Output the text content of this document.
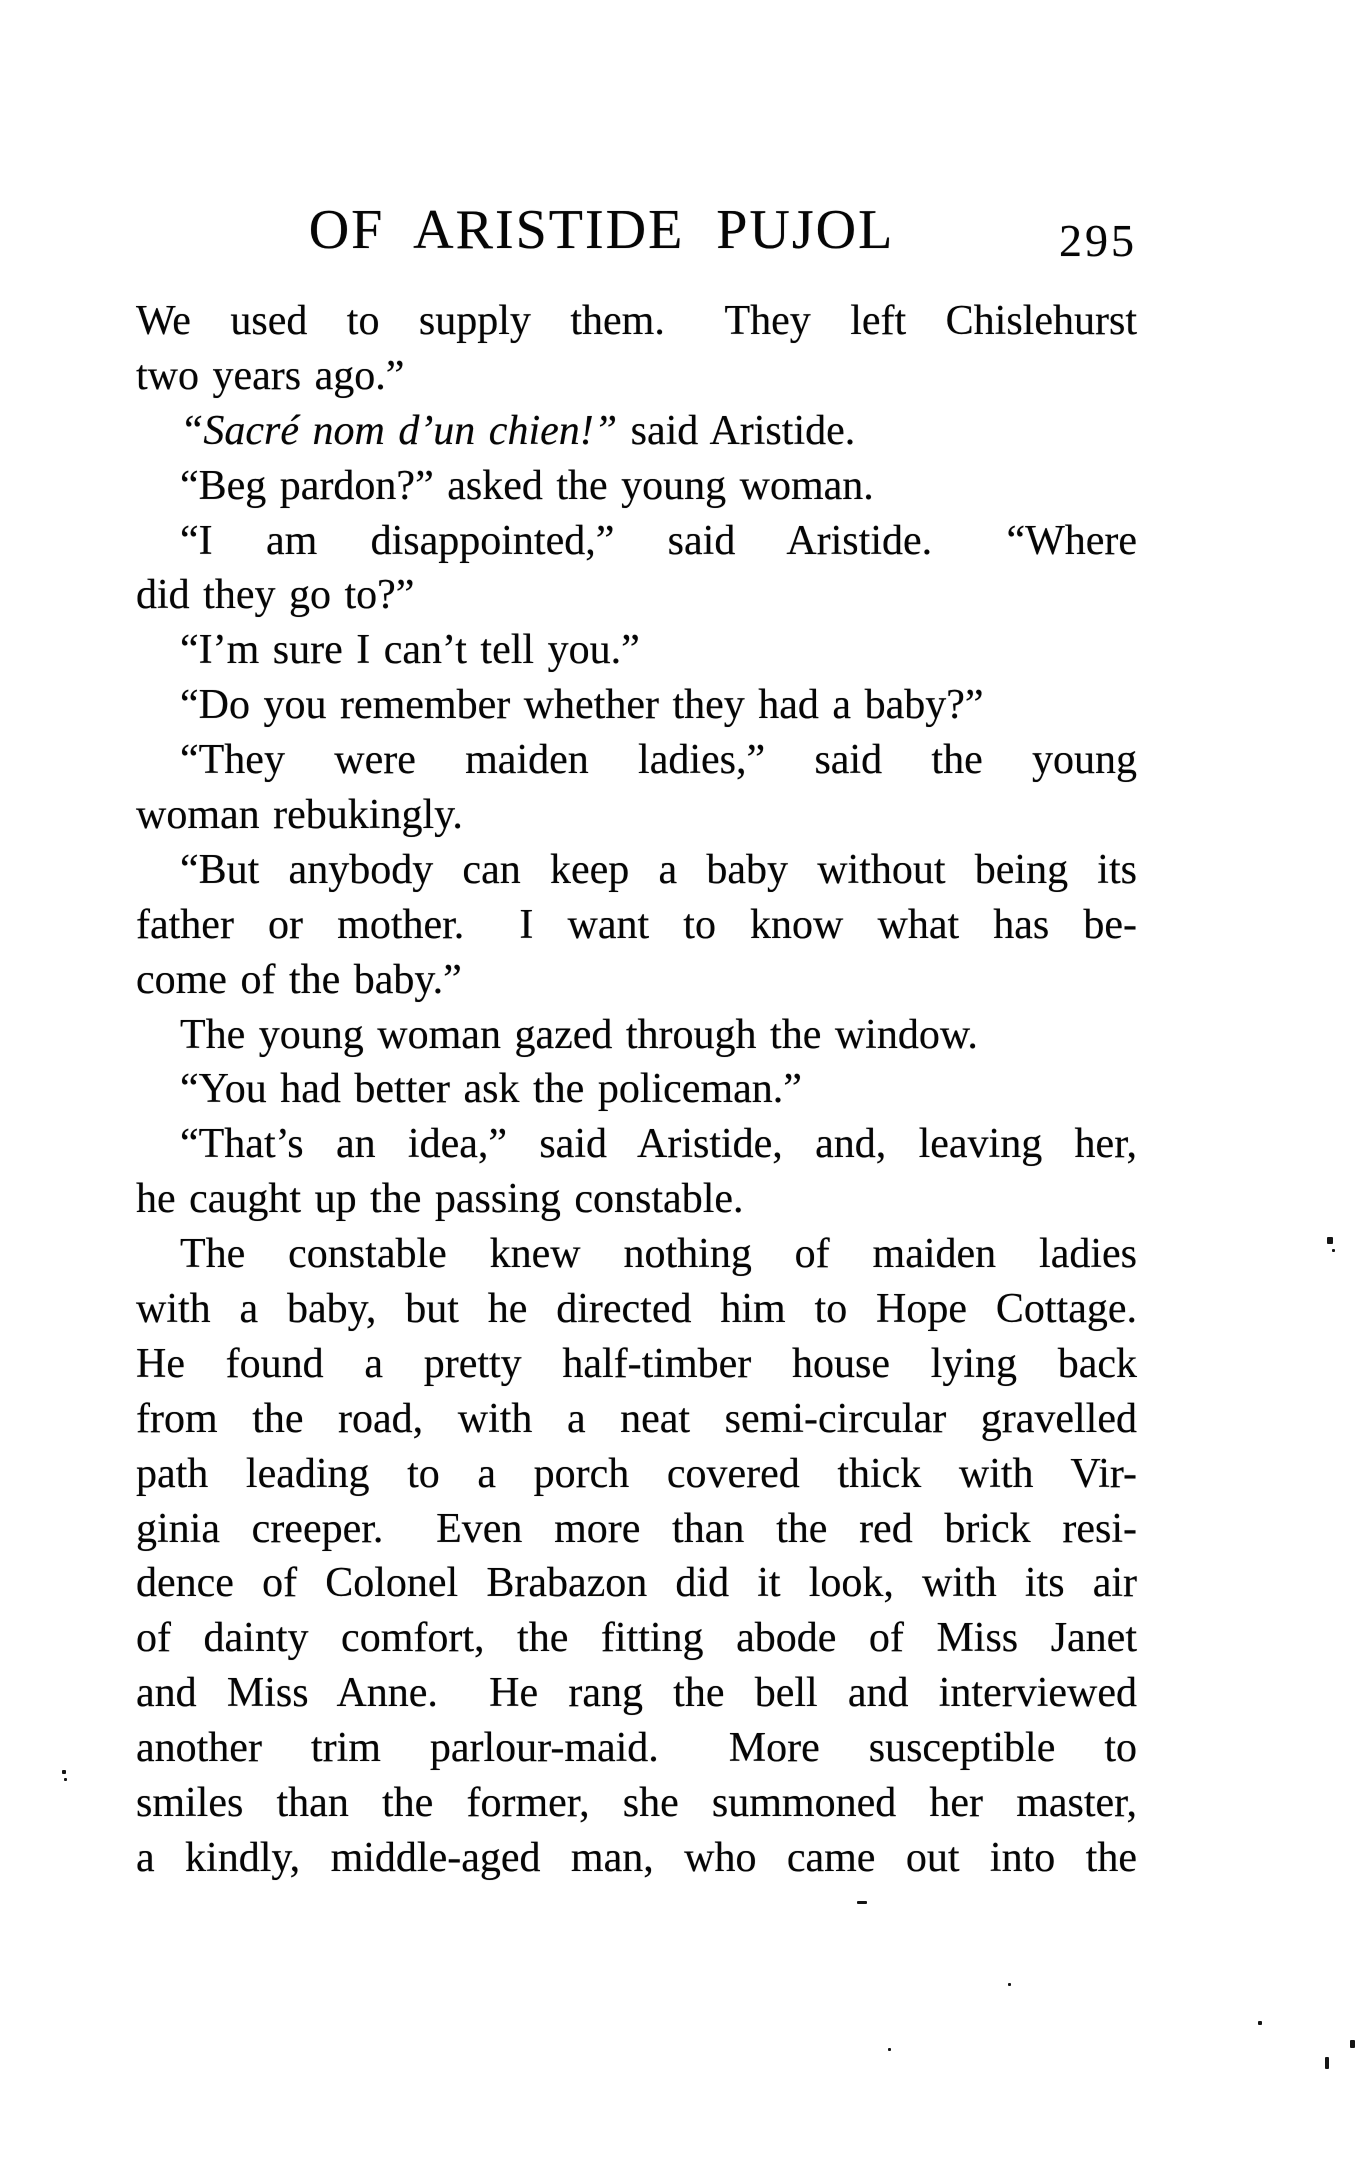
OF ARISTIDE PUJOL	295
We used to supply them.  They left Chislehurst
two years ago.”
“Sacré nom d’un chien!” said Aristide.
“Beg pardon?” asked the young woman.
“I am disappointed,” said Aristide.  “Where
did they go to?”
“I’m sure I can’t tell you.”
“Do you remember whether they had a baby?”
“They were maiden ladies,” said the young
woman rebukingly.
“But anybody can keep a baby without being its
father or mother.  I want to know what has be-
come of the baby.”
The young woman gazed through the window.
“You had better ask the policeman.”
“That’s an idea,” said Aristide, and, leaving her,
he caught up the passing constable.
The constable knew nothing of maiden ladies
with a baby, but he directed him to Hope Cottage.
He found a pretty half-timber house lying back
from the road, with a neat semi-circular gravelled
path leading to a porch covered thick with Vir-
ginia creeper.  Even more than the red brick resi-
dence of Colonel Brabazon did it look, with its air
of dainty comfort, the fitting abode of Miss Janet
and Miss Anne.  He rang the bell and interviewed
another trim parlour-maid.  More susceptible to
smiles than the former, she summoned her master,
a kindly, middle-aged man, who came out into the
